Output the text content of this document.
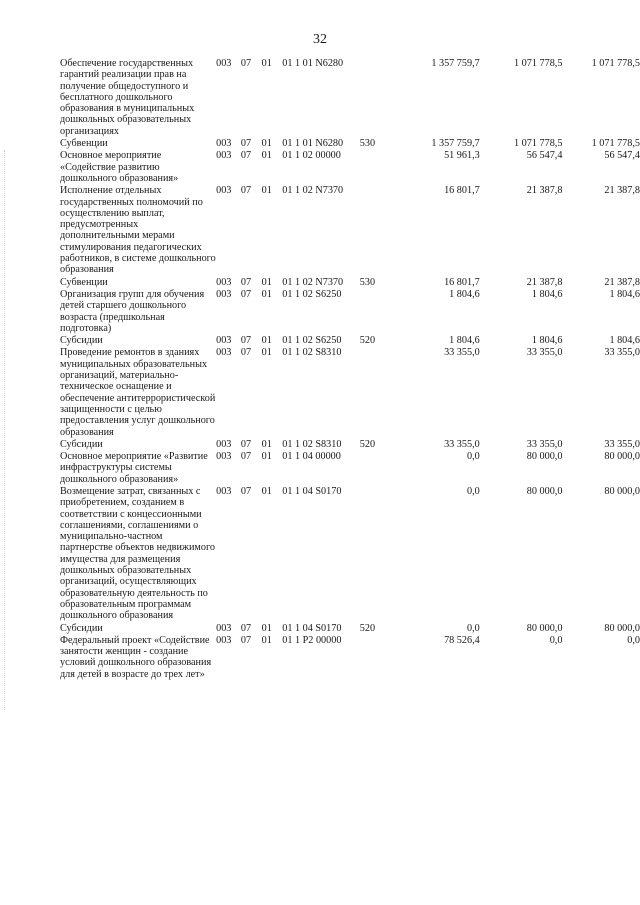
32
Обеспечение государственных гарантий реализации прав на получение общедоступного и бесплатного дошкольного образования в муниципальных дошкольных образовательных организациях	003	07	01	01 1 01 N6280		1 357 759,7	1 071 778,5	1 071 778,5
Субвенции	003	07	01	01 1 01 N6280	530	1 357 759,7	1 071 778,5	1 071 778,5
Основное мероприятие «Содействие развитию дошкольного образования»	003	07	01	01 1 02 00000		51 961,3	56 547,4	56 547,4
Исполнение отдельных государственных полномочий по осуществлению выплат, предусмотренных дополнительными мерами стимулирования педагогических работников, в системе дошкольного образования	003	07	01	01 1 02 N7370		16 801,7	21 387,8	21 387,8
Субвенции	003	07	01	01 1 02 N7370	530	16 801,7	21 387,8	21 387,8
Организация групп для обучения детей старшего дошкольного возраста (предшкольная подготовка)	003	07	01	01 1 02 S6250		1 804,6	1 804,6	1 804,6
Субсидии	003	07	01	01 1 02 S6250	520	1 804,6	1 804,6	1 804,6
Проведение ремонтов в зданиях муниципальных образовательных организаций, материально-техническое оснащение и обеспечение антитеррористической защищенности с целью предоставления услуг дошкольного образования	003	07	01	01 1 02 S8310		33 355,0	33 355,0	33 355,0
Субсидии	003	07	01	01 1 02 S8310	520	33 355,0	33 355,0	33 355,0
Основное мероприятие «Развитие инфраструктуры системы дошкольного образования»	003	07	01	01 1 04 00000		0,0	80 000,0	80 000,0
Возмещение затрат, связанных с приобретением, созданием в соответствии с концессионными соглашениями, соглашениями о муниципально-частном партнерстве объектов недвижимого имущества для размещения дошкольных образовательных организаций, осуществляющих образовательную деятельность по образовательным программам дошкольного образования	003	07	01	01 1 04 S0170		0,0	80 000,0	80 000,0
Субсидии	003	07	01	01 1 04 S0170	520	0,0	80 000,0	80 000,0
Федеральный проект «Содействие занятости женщин - создание условий дошкольного образования для детей в возрасте до трех лет»	003	07	01	01 1 P2 00000		78 526,4	0,0	0,0
